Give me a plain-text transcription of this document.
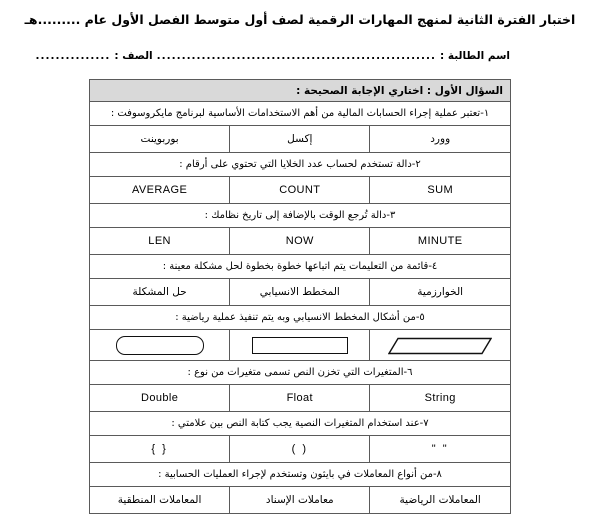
اختبار الفترة الثانية لمنهج المهارات الرقمية لصف أول متوسط الفصل الأول عام .........هـ
اسم الطالبة :
........................................................
الصف :
...............
السؤال الأول : اختاري الإجابة الصحيحة :		

١-
تعتبر عملية إجراء الحسابات المالية من أهم الاستخدامات الأساسية لبرنامج مايكروسوفت :		

وورد	إكسل	بوربوينت

٢-
دالة تستخدم لحساب عدد الخلايا التي تحتوي على أرقام :		

SUM	COUNT	AVERAGE

٣-
دالة تُرجع الوقت بالإضافة إلى تاريخ نظامك :		

MINUTE	NOW	LEN

٤-
قائمة من التعليمات يتم اتباعها خطوة بخطوة لحل مشكلة معينة :		

الخوارزمية	المخطط الانسيابي	حل المشكلة

٥-
من أشكال المخطط الانسيابي وبه يتم تنفيذ عملية رياضية :		

٦-
المتغيرات التي تخزن النص تسمى متغيرات من نوع :		

String	Float	Double

٧-
عند استخدام المتغيرات النصية يجب كتابة النص بين علامتي :		

" "	( )	{ }

٨-
من أنواع المعاملات في بايثون وتستخدم لإجراء العمليات الحسابية :		

المعاملات الرياضية	معاملات الإسناد	المعاملات المنطقية
